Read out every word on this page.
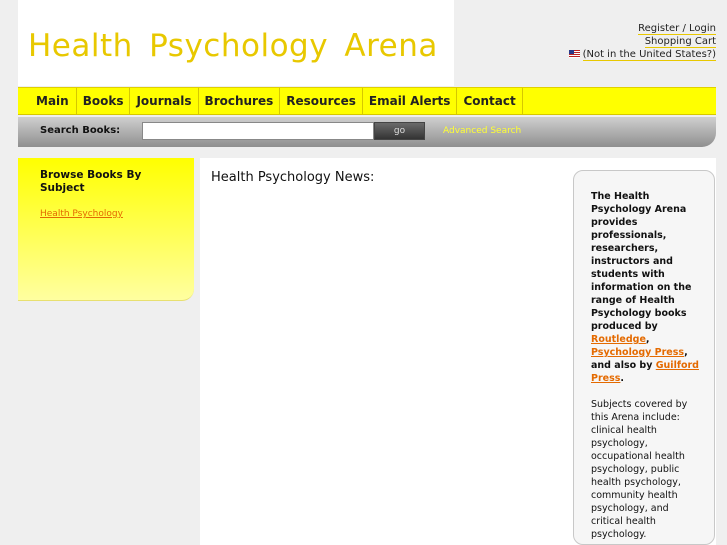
Health Psychology Arena	Register / Login
Shopping Cart
(Not in the United States?)
Main	Books	Journals	Brochures	Resources	Email Alerts	Contact
Search Books:	go	Advanced Search
Browse Books By Subject
Health Psychology
Health Psychology News:
The Health Psychology Arena provides professionals, researchers, instructors and students with information on the range of Health Psychology books produced by Routledge, Psychology Press, and also by Guilford Press.
Subjects covered by this Arena include: clinical health psychology, occupational health psychology, public health psychology, community health psychology, and critical health psychology.
